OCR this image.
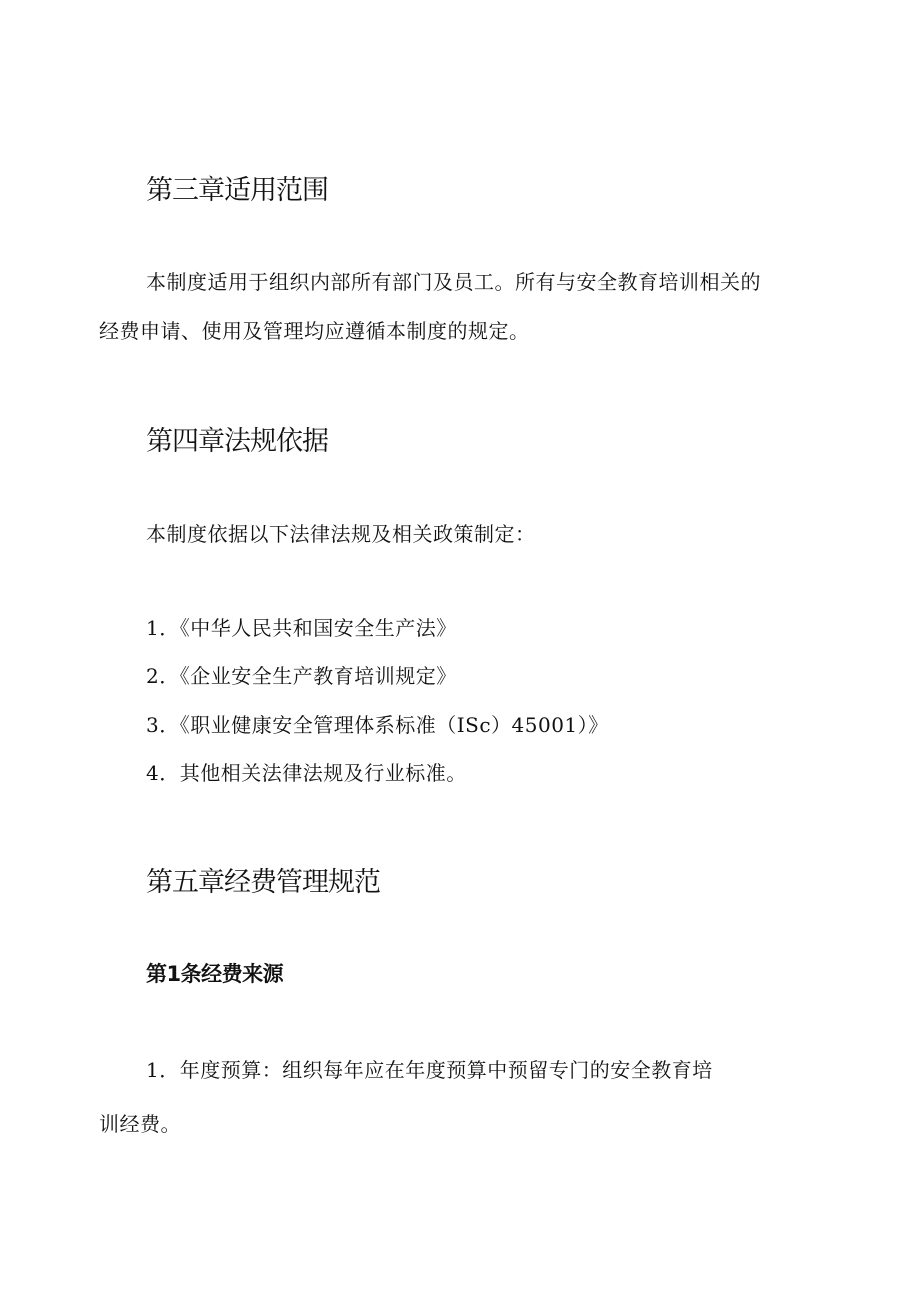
第三章适用范围
本制度适用于组织内部所有部门及员工。所有与安全教育培训相关的
经费申请、使用及管理均应遵循本制度的规定。
第四章法规依据
本制度依据以下法律法规及相关政策制定：
1．《中华人民共和国安全生产法》
2．《企业安全生产教育培训规定》
3．《职业健康安全管理体系标准（ISc）45001）》
4．其他相关法律法规及行业标准。
第五章经费管理规范
第1条经费来源
1．年度预算：组织每年应在年度预算中预留专门的安全教育培
训经费。
